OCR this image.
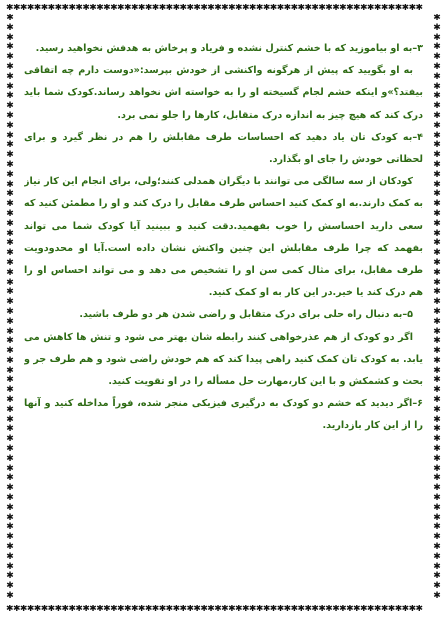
✱✱✱✱✱✱✱✱✱✱✱✱✱✱✱✱✱✱✱✱✱✱✱✱✱✱✱✱✱✱✱✱✱✱✱✱✱✱✱✱✱✱✱✱✱✱✱✱✱✱✱✱✱✱✱✱✱✱✱✱
✱✱✱✱✱✱✱✱✱✱✱✱✱✱✱✱✱✱✱✱✱✱✱✱✱✱✱✱✱✱✱✱✱✱✱✱✱✱✱✱✱✱✱✱✱✱✱✱✱✱✱✱✱✱✱✱✱✱✱✱
✱✱✱✱✱✱✱✱✱✱✱✱✱✱✱✱✱✱✱✱✱✱✱✱✱✱✱✱✱✱✱✱✱✱✱✱✱✱✱✱✱✱✱✱✱✱✱✱✱✱✱✱✱✱✱✱✱✱✱✱
✱✱✱✱✱✱✱✱✱✱✱✱✱✱✱✱✱✱✱✱✱✱✱✱✱✱✱✱✱✱✱✱✱✱✱✱✱✱✱✱✱✱✱✱✱✱✱✱✱✱✱✱✱✱✱✱✱✱✱✱

۳–به او بیاموزید که با خشم کنترل نشده و فریاد و پرخاش به هدفش نخواهید رسید.

به او بگویید که پیش از هرگونه واکنشی از خودش بپرسد:«دوست دارم چه اتفاقی بیفتد؟»و اینکه خشم لجام گسیخته او را به خواسته اش نخواهد رساند.کودک شما باید درک کند که هیچ چیز به اندازه درک متقابل، کارها را جلو نمی برد.

۴–به کودک تان یاد دهید که احساسات طرف مقابلش را هم در نظر گیرد و برای لحظاتی خودش را جای او بگذارد.

کودکان از سه سالگی می توانند با دیگران همدلی کنند؛ولی، برای انجام این کار نیاز به کمک دارند.به او کمک کنید احساس طرف مقابل را درک کند و او را مطمئن کنید که سعی دارید احساسش را خوب بفهمید.دقت کنید و ببینید آیا کودک شما می تواند بفهمد که چرا طرف مقابلش این چنین واکنش نشان داده است.آیا او محدودویت طرف مقابل، برای مثال کمی سن او را تشخیص می دهد و می تواند احساس او را هم درک کند یا خیر.در این کار به او کمک کنید.

۵–به دنبال راه حلی برای درک متقابل و راضی شدن هر دو طرف باشید.

اگر دو کودک از هم عذرخواهی کنند رابطه شان بهتر می شود و تنش ها کاهش می یابد. به کودک تان کمک کنید راهی پیدا کند که هم خودش راضی شود و هم طرف جر و بحث و کشمکش و با این کار،مهارت حل مسأله را در او تقویت کنید.

۶–اگر دیدید که خشم دو کودک به درگیری فیزیکی منجر شده، فوراً مداخله کنید و آنها را از این کار بازدارید.
